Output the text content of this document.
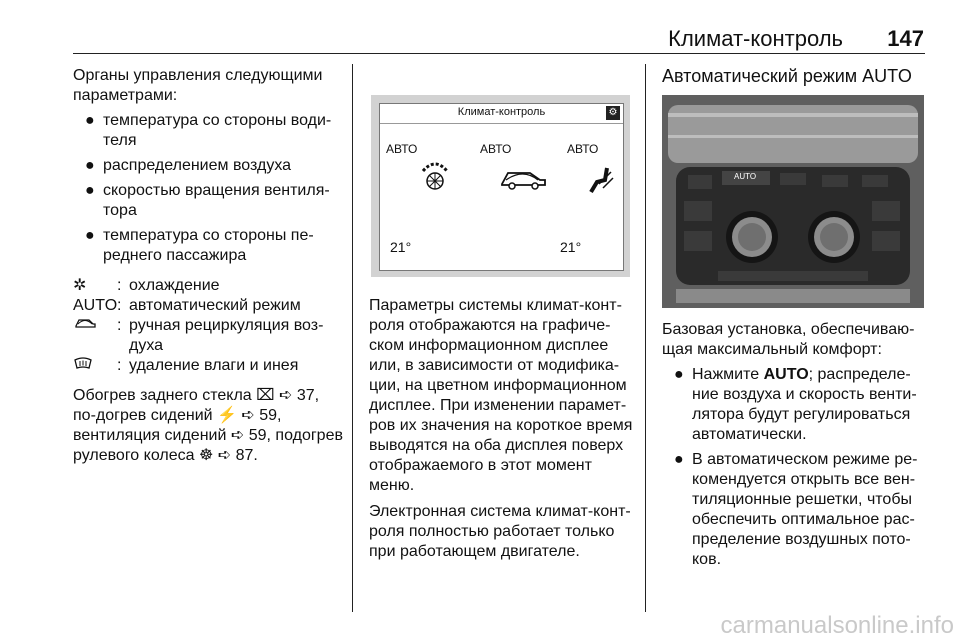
Климат-контроль 147

Органы управления следующими параметрами:

● температура со стороны води-теля
● распределением воздуха
● скоростью вращения вентиля-тора
● температура со стороны пе-реднего пассажира
✲	: охлаждение
AUTO : автоматический режим
: ручная рециркуляция воз-духа
: удаление влаги и инея

Обогрев заднего стекла ⌧ ➪ 37, по-догрев сидений ⚡ ➪ 59, вентиляция сидений ➪ 59, подогрев рулевого колеса ☸ ➪ 87.

Климат-контроль	⚙
АВТО	АВТО	АВТО
21°	21°

Параметры системы климат-конт-роля отображаются на графиче-ском информационном дисплее или, в зависимости от модифика-ции, на цветном информационном дисплее. При изменении парамет-ров их значения на короткое время выводятся на оба дисплея поверх отображаемого в этот момент меню.

Электронная система климат-конт-роля полностью работает только при работающем двигателе.

Автоматический режим AUTO
AUTO

Базовая установка, обеспечиваю-щая максимальный комфорт:

● Нажмите AUTO; распределе-ние воздуха и скорость венти-лятора будут регулироваться автоматически.
● В автоматическом режиме ре-комендуется открыть все вен-тиляционные решетки, чтобы обеспечить оптимальное рас-пределение воздушных пото-ков.
carmanualsonline.info
